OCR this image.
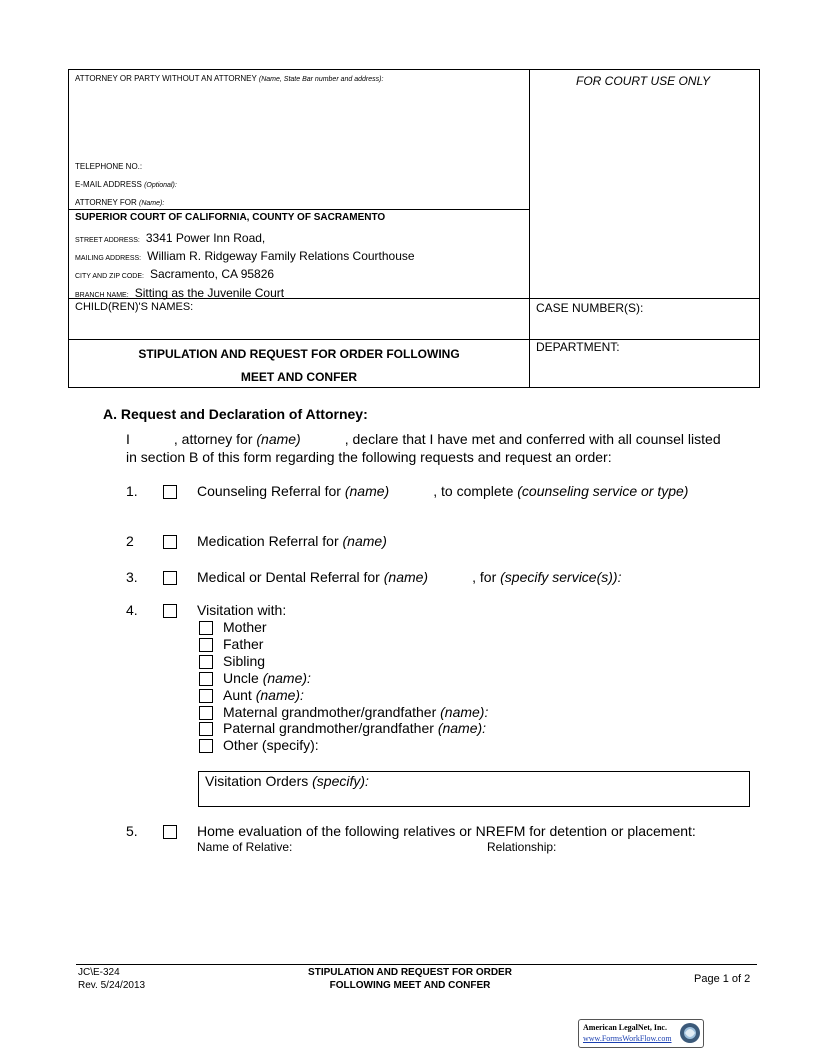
ATTORNEY OR PARTY WITHOUT AN ATTORNEY (Name, State Bar number and address):	FOR COURT USE ONLY
TELEPHONE NO.:
E-MAIL ADDRESS (Optional):
ATTORNEY FOR (Name):
SUPERIOR COURT OF CALIFORNIA, COUNTY OF SACRAMENTO
STREET ADDRESS: 3341 Power Inn Road,
MAILING ADDRESS: William R. Ridgeway Family Relations Courthouse
CITY AND ZIP CODE: Sacramento, CA 95826
BRANCH NAME: Sitting as the Juvenile Court
CHILD(REN)'S NAMES:	CASE NUMBER(S):
STIPULATION AND REQUEST FOR ORDER FOLLOWING
MEET AND CONFER
DEPARTMENT:
A. Request and Declaration of Attorney:
I	, attorney for (name)	, declare that I have met and conferred with all counsel listed
in section B of this form regarding the following requests and request an order:
1.	Counseling Referral for (name)	, to complete (counseling service or type)
2	Medication Referral for (name)
3.	Medical or Dental Referral for (name)	, for (specify service(s)):
4.	Visitation with:
Mother
Father
Sibling
Uncle (name):
Aunt (name):
Maternal grandmother/grandfather (name):
Paternal grandmother/grandfather (name):
Other (specify):
Visitation Orders (specify):
5.	Home evaluation of the following relatives or NREFM for detention or placement:
Name of Relative:	Relationship:
JC\E-324
Rev. 5/24/2013
STIPULATION AND REQUEST FOR ORDER
FOLLOWING MEET AND CONFER
Page 1 of 2
American LegalNet, Inc.
www.FormsWorkFlow.com
